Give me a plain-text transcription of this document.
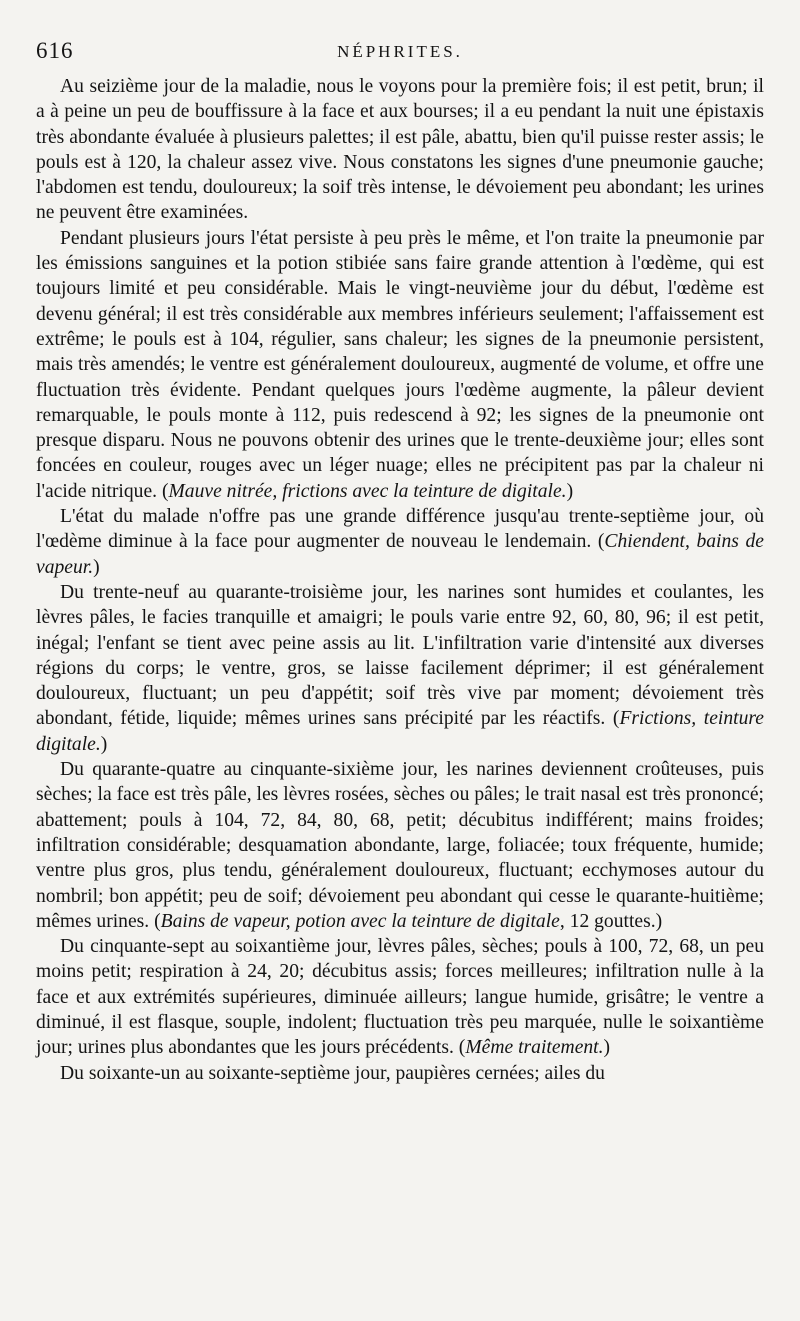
616	NÉPHRITES.

Au seizième jour de la maladie, nous le voyons pour la première fois; il est petit, brun; il a à peine un peu de bouffissure à la face et aux bourses; il a eu pendant la nuit une épistaxis très abondante évaluée à plusieurs palettes; il est pâle, abattu, bien qu'il puisse rester assis; le pouls est à 120, la chaleur assez vive. Nous constatons les signes d'une pneumonie gauche; l'abdomen est tendu, douloureux; la soif très intense, le dévoiement peu abondant; les urines ne peuvent être examinées.

Pendant plusieurs jours l'état persiste à peu près le même, et l'on traite la pneumonie par les émissions sanguines et la potion stibiée sans faire grande attention à l'œdème, qui est toujours limité et peu considérable. Mais le vingt-neuvième jour du début, l'œdème est devenu général; il est très considérable aux membres inférieurs seulement; l'affaissement est extrême; le pouls est à 104, régulier, sans chaleur; les signes de la pneumonie persistent, mais très amendés; le ventre est généralement douloureux, augmenté de volume, et offre une fluctuation très évidente. Pendant quelques jours l'œdème augmente, la pâleur devient remarquable, le pouls monte à 112, puis redescend à 92; les signes de la pneumonie ont presque disparu. Nous ne pouvons obtenir des urines que le trente-deuxième jour; elles sont foncées en couleur, rouges avec un léger nuage; elles ne précipitent pas par la chaleur ni l'acide nitrique. (Mauve nitrée, frictions avec la teinture de digitale.)

L'état du malade n'offre pas une grande différence jusqu'au trente-septième jour, où l'œdème diminue à la face pour augmenter de nouveau le lendemain. (Chiendent, bains de vapeur.)

Du trente-neuf au quarante-troisième jour, les narines sont humides et coulantes, les lèvres pâles, le facies tranquille et amaigri; le pouls varie entre 92, 60, 80, 96; il est petit, inégal; l'enfant se tient avec peine assis au lit. L'infiltration varie d'intensité aux diverses régions du corps; le ventre, gros, se laisse facilement déprimer; il est généralement douloureux, fluctuant; un peu d'appétit; soif très vive par moment; dévoiement très abondant, fétide, liquide; mêmes urines sans précipité par les réactifs. (Frictions, teinture digitale.)

Du quarante-quatre au cinquante-sixième jour, les narines deviennent croûteuses, puis sèches; la face est très pâle, les lèvres rosées, sèches ou pâles; le trait nasal est très prononcé; abattement; pouls à 104, 72, 84, 80, 68, petit; décubitus indifférent; mains froides; infiltration considérable; desquamation abondante, large, foliacée; toux fréquente, humide; ventre plus gros, plus tendu, généralement douloureux, fluctuant; ecchymoses autour du nombril; bon appétit; peu de soif; dévoiement peu abondant qui cesse le quarante-huitième; mêmes urines. (Bains de vapeur, potion avec la teinture de digitale, 12 gouttes.)

Du cinquante-sept au soixantième jour, lèvres pâles, sèches; pouls à 100, 72, 68, un peu moins petit; respiration à 24, 20; décubitus assis; forces meilleures; infiltration nulle à la face et aux extrémités supérieures, diminuée ailleurs; langue humide, grisâtre; le ventre a diminué, il est flasque, souple, indolent; fluctuation très peu marquée, nulle le soixantième jour; urines plus abondantes que les jours précédents. (Même traitement.)

Du soixante-un au soixante-septième jour, paupières cernées; ailes du
